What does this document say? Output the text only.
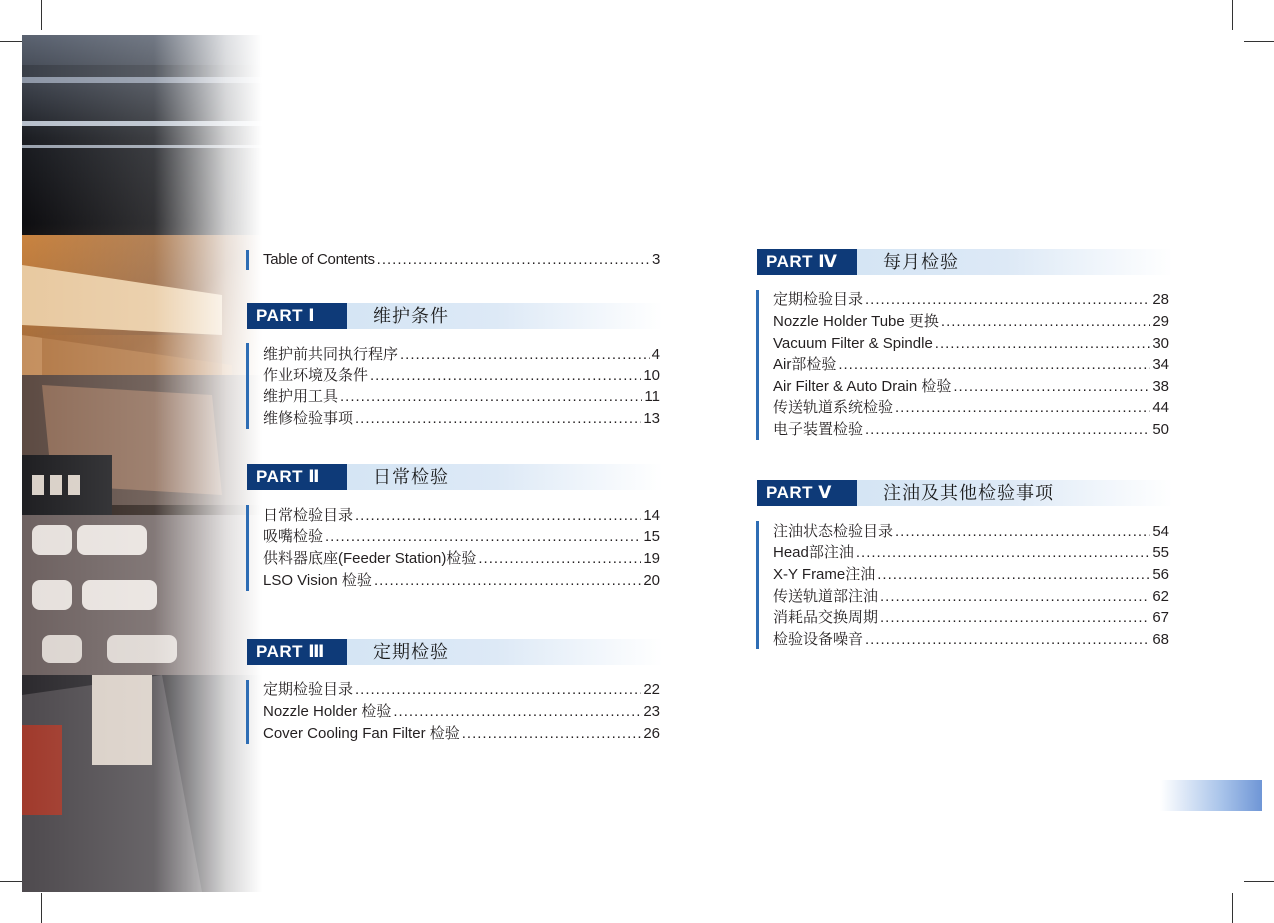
Table of Contents .....	3
PART Ⅰ	维护条件
维护前共同执行程序 .....	4
作业环境及条件 .....	10
维护用工具 .....	11
维修检验事项 .....	13
PART Ⅱ	日常检验
日常检验目录 .....	14
吸嘴检验 .....	15
供料器底座(Feeder Station)检验 .....	19
LSO Vision 检验 .....	20
PART Ⅲ	定期检验
定期检验目录 .....	22
Nozzle Holder 检验 .....	23
Cover Cooling Fan Filter 检验 .....	26
PART Ⅳ	每月检验
定期检验目录 .....	28
Nozzle Holder Tube 更换 .....	29
Vacuum Filter & Spindle .....	30
Air部检验 .....	34
Air Filter & Auto Drain 检验 .....	38
传送轨道系统检验 .....	44
电子装置检验 .....	50
PART Ⅴ	注油及其他检验事项
注油状态检验目录 .....	54
Head部注油 .....	55
X-Y Frame注油 .....	56
传送轨道部注油 .....	62
消耗品交换周期 .....	67
检验设备噪音 .....	68
